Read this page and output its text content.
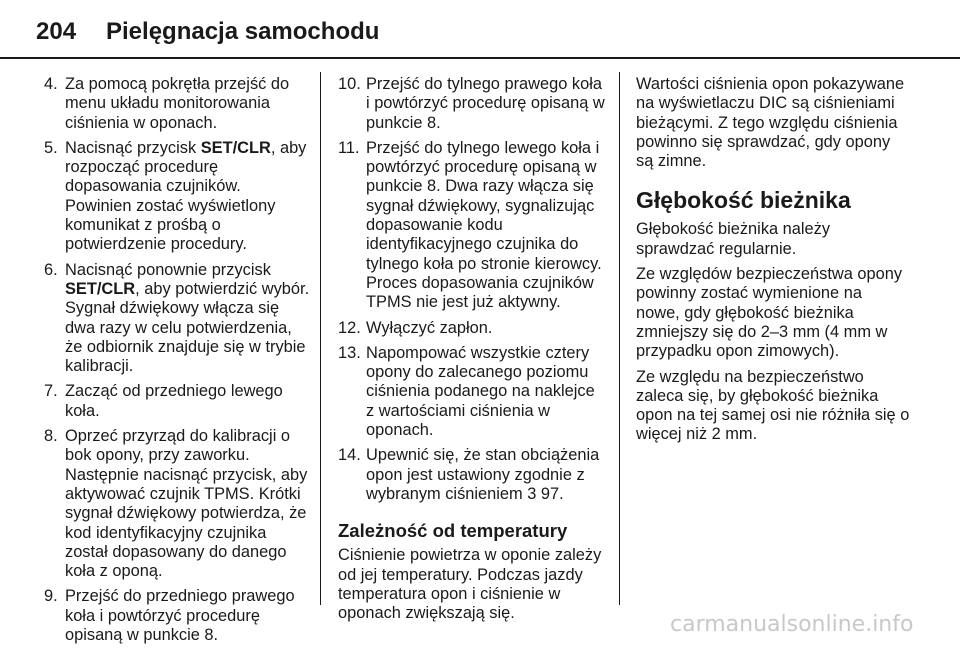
204	Pielęgnacja samochodu
4. Za pomocą pokrętła przejść do menu układu monitorowania ciśnienia w oponach.
5. Nacisnąć przycisk SET/CLR, aby rozpocząć procedurę dopasowania czujników. Powinien zostać wyświetlony komunikat z prośbą o potwierdzenie procedury.
6. Nacisnąć ponownie przycisk SET/CLR, aby potwierdzić wybór. Sygnał dźwiękowy włącza się dwa razy w celu potwierdzenia, że odbiornik znajduje się w trybie kalibracji.
7. Zacząć od przedniego lewego koła.
8. Oprzeć przyrząd do kalibracji o bok opony, przy zaworku. Następnie nacisnąć przycisk, aby aktywować czujnik TPMS. Krótki sygnał dźwiękowy potwierdza, że kod identyfikacyjny czujnika został dopasowany do danego koła z oponą.
9. Przejść do przedniego prawego koła i powtórzyć procedurę opisaną w punkcie 8.
10. Przejść do tylnego prawego koła i powtórzyć procedurę opisaną w punkcie 8.
11. Przejść do tylnego lewego koła i powtórzyć procedurę opisaną w punkcie 8. Dwa razy włącza się sygnał dźwiękowy, sygnalizując dopasowanie kodu identyfikacyjnego czujnika do tylnego koła po stronie kierowcy. Proces dopasowania czujników TPMS nie jest już aktywny.
12. Wyłączyć zapłon.
13. Napompować wszystkie cztery opony do zalecanego poziomu ciśnienia podanego na naklejce z wartościami ciśnienia w oponach.
14. Upewnić się, że stan obciążenia opon jest ustawiony zgodnie z wybranym ciśnieniem 3 97.
Zależność od temperatury

Ciśnienie powietrza w oponie zależy od jej temperatury. Podczas jazdy temperatura opon i ciśnienie w oponach zwiększają się.

Wartości ciśnienia opon pokazywane na wyświetlaczu DIC są ciśnieniami bieżącymi. Z tego względu ciśnienia powinno się sprawdzać, gdy opony są zimne.

Głębokość bieżnika

Głębokość bieżnika należy sprawdzać regularnie.

Ze względów bezpieczeństwa opony powinny zostać wymienione na nowe, gdy głębokość bieżnika zmniejszy się do 2–3 mm (4 mm w przypadku opon zimowych).

Ze względu na bezpieczeństwo zaleca się, by głębokość bieżnika opon na tej samej osi nie różniła się o więcej niż 2 mm.

carmanualsonline.info
